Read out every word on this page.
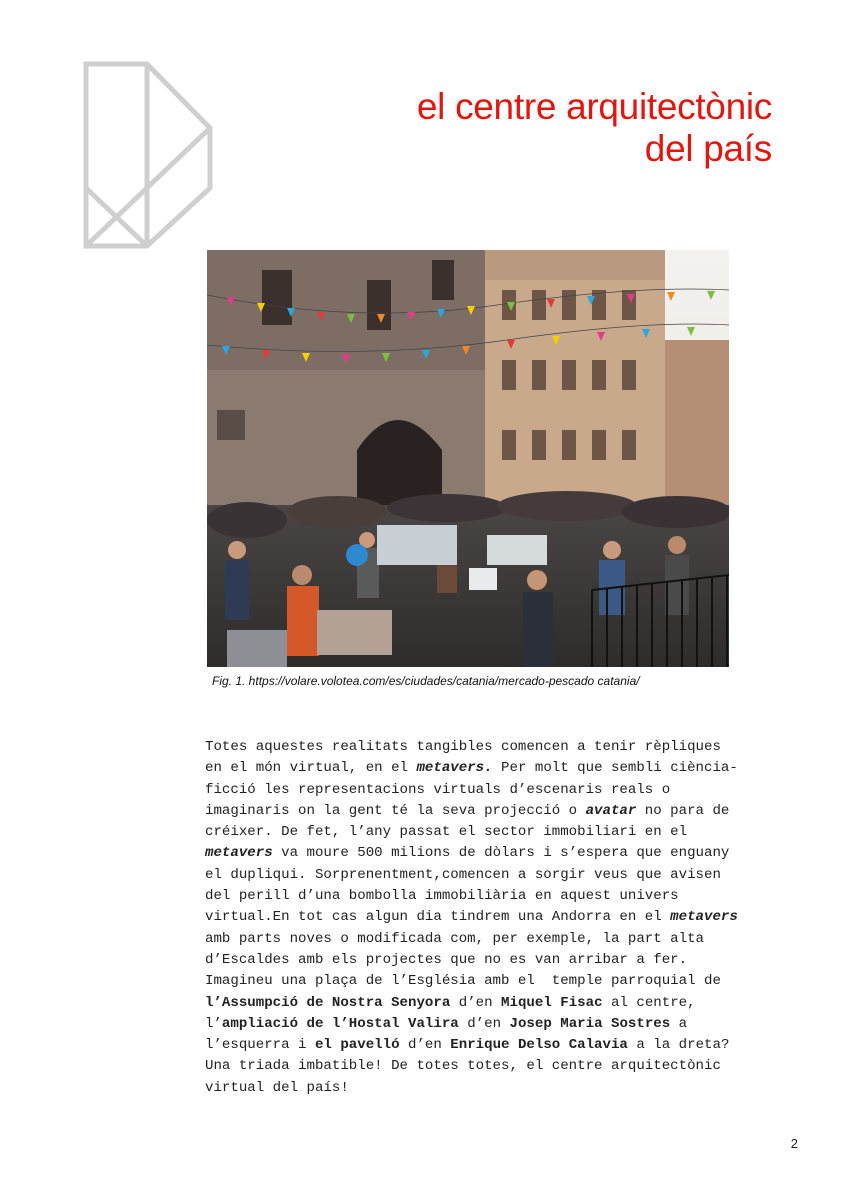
el centre arquitectònic
del país
Fig. 1. https://volare.volotea.com/es/ciudades/catania/mercado-pescado catania/
Totes aquestes realitats tangibles comencen a tenir rèpliques
en el món virtual, en el metavers. Per molt que sembli ciència-
ficció les representacions virtuals d’escenaris reals o
imaginaris on la gent té la seva projecció o avatar no para de
créixer. De fet, l’any passat el sector immobiliari en el
metavers va moure 500 milions de dòlars i s’espera que enguany
el dupliqui. Sorprenentment,comencen a sorgir veus que avisen
del perill d’una bombolla immobiliària en aquest univers
virtual.En tot cas algun dia tindrem una Andorra en el metavers
amb parts noves o modificada com, per exemple, la part alta
d’Escaldes amb els projectes que no es van arribar a fer.
Imagineu una plaça de l’Església amb el  temple parroquial de
l’Assumpció de Nostra Senyora d’en Miquel Fisac al centre,
l’ampliació de l’Hostal Valira d’en Josep Maria Sostres a
l’esquerra i el pavelló d’en Enrique Delso Calavia a la dreta?
Una triada imbatible! De totes totes, el centre arquitectònic
virtual del país!
2
